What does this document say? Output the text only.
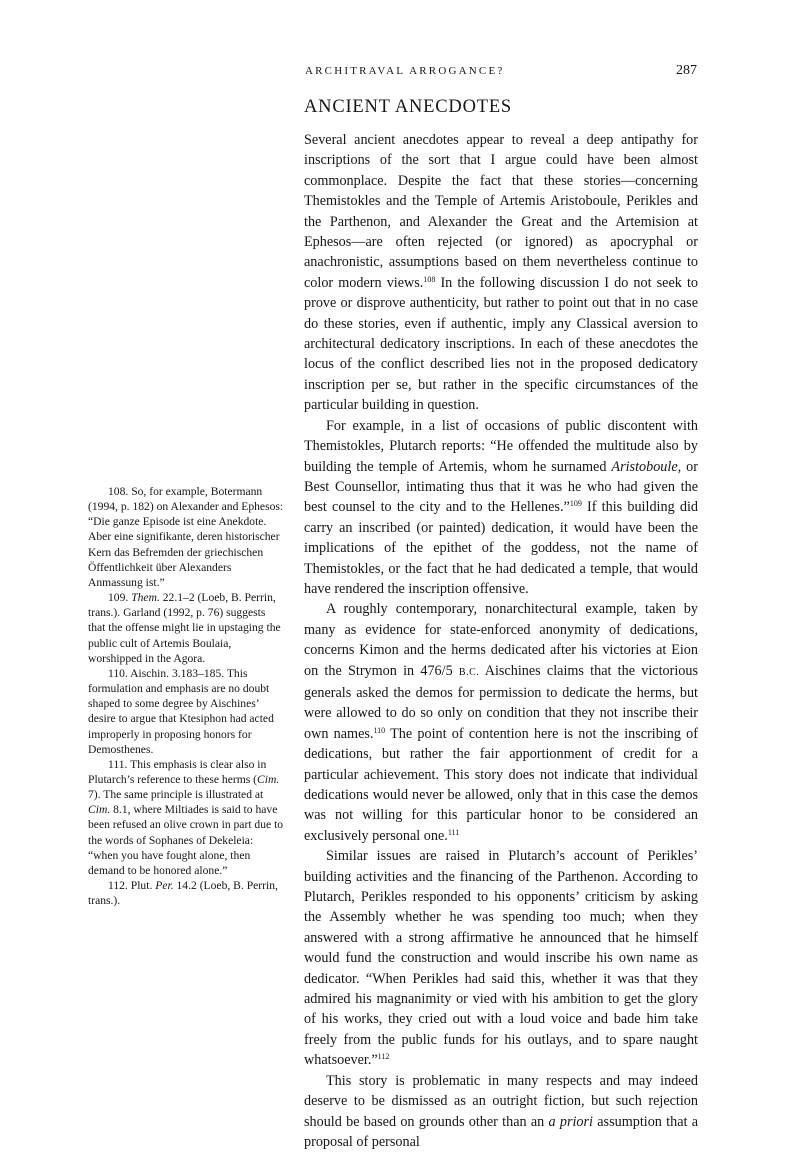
ARCHITRAVAL ARROGANCE?	287
ANCIENT ANECDOTES

Several ancient anecdotes appear to reveal a deep antipathy for inscriptions of the sort that I argue could have been almost commonplace. Despite the fact that these stories—concerning Themistokles and the Temple of Artemis Aristoboule, Perikles and the Parthenon, and Alexander the Great and the Artemision at Ephesos—are often rejected (or ignored) as apocryphal or anachronistic, assumptions based on them nevertheless continue to color modern views.$^{108}$ In the following discussion I do not seek to prove or disprove authenticity, but rather to point out that in no case do these stories, even if authentic, imply any Classical aversion to architectural dedicatory inscriptions. In each of these anecdotes the locus of the conflict described lies not in the proposed dedicatory inscription per se, but rather in the specific circumstances of the particular building in question.

For example, in a list of occasions of public discontent with Themistokles, Plutarch reports: “He offended the multitude also by building the temple of Artemis, whom he surnamed Aristoboule, or Best Counsellor, intimating thus that it was he who had given the best counsel to the city and to the Hellenes.”$^{109}$ If this building did carry an inscribed (or painted) dedication, it would have been the implications of the epithet of the goddess, not the name of Themistokles, or the fact that he had dedicated a temple, that would have rendered the inscription offensive.

A roughly contemporary, nonarchitectural example, taken by many as evidence for state-enforced anonymity of dedications, concerns Kimon and the herms dedicated after his victories at Eion on the Strymon in 476/5 B.C. Aischines claims that the victorious generals asked the demos for permission to dedicate the herms, but were allowed to do so only on condition that they not inscribe their own names.$^{110}$ The point of contention here is not the inscribing of dedications, but rather the fair apportionment of credit for a particular achievement. This story does not indicate that individual dedications would never be allowed, only that in this case the demos was not willing for this particular honor to be considered an exclusively personal one.$^{111}$

Similar issues are raised in Plutarch’s account of Perikles’ building activities and the financing of the Parthenon. According to Plutarch, Perikles responded to his opponents’ criticism by asking the Assembly whether he was spending too much; when they answered with a strong affirmative he announced that he himself would fund the construction and would inscribe his own name as dedicator. “When Perikles had said this, whether it was that they admired his magnanimity or vied with his ambition to get the glory of his works, they cried out with a loud voice and bade him take freely from the public funds for his outlays, and to spare naught whatsoever.”$^{112}$

This story is problematic in many respects and may indeed deserve to be dismissed as an outright fiction, but such rejection should be based on grounds other than an a priori assumption that a proposal of personal

108. So, for example, Botermann (1994, p. 182) on Alexander and Ephesos: “Die ganze Episode ist eine Anekdote. Aber eine signifikante, deren historischer Kern das Befremden der griechischen Öffentlichkeit über Alexanders Anmassung ist.”

109. Them. 22.1–2 (Loeb, B. Perrin, trans.). Garland (1992, p. 76) suggests that the offense might lie in upstaging the public cult of Artemis Boulaia, worshipped in the Agora.

110. Aischin. 3.183–185. This formulation and emphasis are no doubt shaped to some degree by Aischines’ desire to argue that Ktesiphon had acted improperly in proposing honors for Demosthenes.

111. This emphasis is clear also in Plutarch’s reference to these herms (Cim. 7). The same principle is illustrated at Cim. 8.1, where Miltiades is said to have been refused an olive crown in part due to the words of Sophanes of Dekeleia: “when you have fought alone, then demand to be honored alone.”

112. Plut. Per. 14.2 (Loeb, B. Perrin, trans.).
